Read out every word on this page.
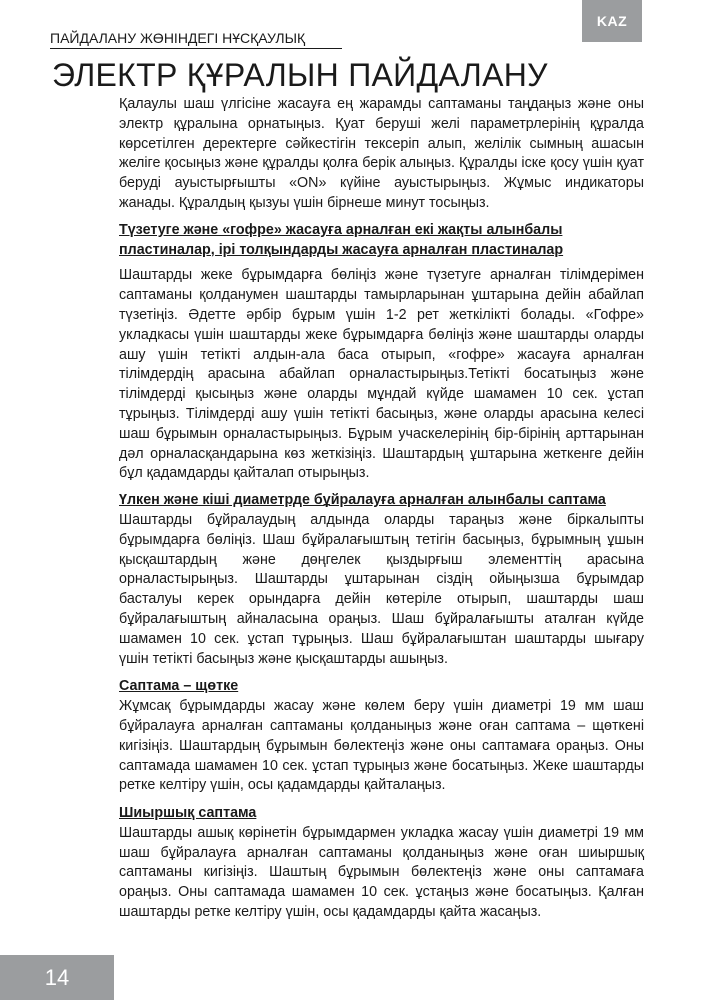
KAZ
ПАЙДАЛАНУ ЖӨНІНДЕГІ НҰСҚАУЛЫҚ
ЭЛЕКТР ҚҰРАЛЫН ПАЙДАЛАНУ

Қалаулы шаш үлгісіне жасауға ең жарамды саптаманы таңдаңыз және оны электр құралына орнатыңыз. Қуат беруші желі параметрлерінің құралда көрсетілген деректерге сәйкестігін тексеріп алып, желілік сымның ашасын желіге қосыңыз және құралды қолға берік алыңыз. Құралды іске қосу үшін қуат беруді ауыстырғышты «ON» күйіне ауыстырыңыз. Жұмыс индикаторы жанады. Құралдың қызуы үшін бірнеше минут тосыңыз.

Түзетуге және «гофре» жасауға арналған екі жақты алынбалы пластиналар, ірі толқындарды жасауға арналған пластиналар

Шаштарды жеке бұрымдарға бөліңіз және түзетуге арналған тілімдерімен саптаманы қолданумен шаштарды тамырларынан ұштарына дейін абайлап түзетіңіз. Әдетте әрбір бұрым үшін 1-2 рет жеткілікті болады. «Гофре» укладкасы үшін шаштарды жеке бұрымдарға бөліңіз және шаштарды оларды ашу үшін тетікті алдын-ала басa отырып, «гофре» жасауға арналған тілімдердің арасына абайлап орналастырыңыз.Тетікті босатыңыз және тілімдерді қысыңыз және оларды мұндай күйде шамамен 10 сек. ұстап тұрыңыз. Тілімдерді ашу үшін тетікті басыңыз, және оларды арасына келесі шаш бұрымын орналастырыңыз. Бұрым учаскелерінің бір-бірінің арттарынан дәл орналасқандарына көз жеткізіңіз. Шаштардың ұштарына жеткенге дейін бұл қадамдарды қайталап отырыңыз.

Үлкен және кіші диаметрде бұйралауға арналған алынбалы саптама

Шаштарды бұйралаудың алдында оларды тараңыз және біркалыпты бұрымдарға бөліңіз. Шаш бұйралағыштың тетігін басыңыз, бұрымның ұшын қысқаштардың және дөңгелек қыздырғыш элементтің арасына орналастырыңыз. Шаштарды ұштарынан сіздің ойыңызша бұрымдар басталуы керек орындарға дейін көтеріле отырып, шаштарды шаш бұйралағыштың айналасына ораңыз. Шаш бұйралағышты аталған күйде шамамен 10 сек. ұстап тұрыңыз. Шаш бұйралағыштан шаштарды шығару үшін тетікті басыңыз және қысқаштарды ашыңыз.

Саптама – щөтке

Жұмсақ бұрымдарды жасау және көлем беру үшін диаметрі 19 мм шаш бұйралауға арналған саптаманы қолданыңыз және оған саптама – щөткені кигізіңіз. Шаштардың бұрымын бөлектеңіз және оны саптамаға ораңыз. Оны саптамада шамамен 10 сек. ұстап тұрыңыз және босатыңыз. Жеке шаштарды ретке келтіру үшін, осы қадамдарды қайталаңыз.

Шиыршық саптама

Шаштарды ашық көрінетін бұрымдармен укладка жасау үшін диаметрі 19 мм шаш бұйралауға арналған саптаманы қолданыңыз және оған шиыршық саптаманы кигізіңіз. Шаштың бұрымын бөлектеңіз және оны саптамаға ораңыз. Оны саптамада шамамен 10 сек. ұстаңыз және босатыңыз. Қалған шаштарды ретке келтіру үшін, осы қадамдарды қайта жасаңыз.

14
